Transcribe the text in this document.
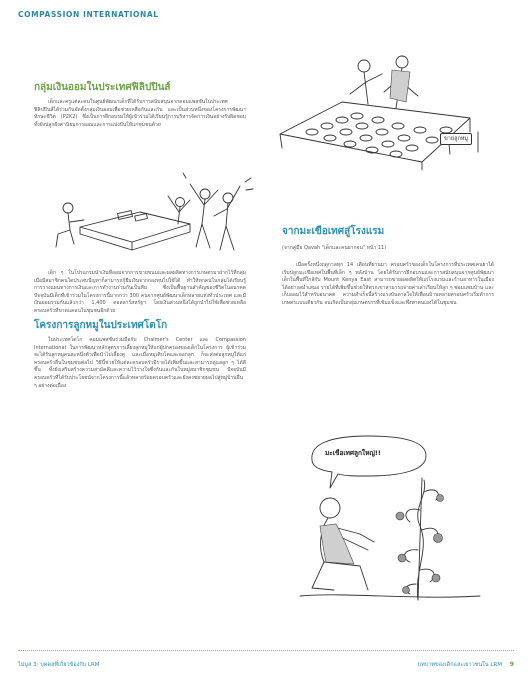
COMPASSION INTERNATIONAL
กลุ่มเงินออมในประเทศฟิลิปปินส์

เด็กและครูแต่ละคนในศูนย์พัฒนาเด็กที่ได้รับการสนับสนุนจากคอมแพสชั่นในประเทศฟิลิปปินส์ได้ร่วมกันจัดตั้งกลุ่มเงินออมเพื่อช่วยเหลือกันและกัน และเป็นส่วนหนึ่งของโครงการพัฒนาทักษะชีวิต (P2K2) ซึ่งเป็นการฝึกอบรมให้ผู้เข้าร่วมได้เรียนรู้การบริหารจัดการเงินอย่างรับผิดชอบ ทั้งยังปลูกฝังค่านิยมการออมและการแบ่งปันให้แก่ชุมชนด้วย

เด็ก ๆ ในโปรแกรมนำเงินที่ออมจากการขายขนมและผลผลิตทางการเกษตรมาฝากไว้ที่กลุ่ม เมื่อมีสมาชิกคนใดประสบปัญหาก็สามารถกู้ยืมเงินจากกองทุนไปใช้ได้ ทำให้ทุกคนในกลุ่มได้เรียนรู้การวางแผนทางการเงินและการทำงานร่วมกันเป็นทีม ซึ่งเป็นพื้นฐานสำคัญของชีวิตในอนาคต ปัจจุบันมีเด็กที่เข้าร่วมในโครงการนี้มากกว่า 300 คนจากศูนย์พัฒนาเด็กหลายแห่งทั่วประเทศ และมีเงินออมรวมกันแล้วกว่า 1,400 ดอลลาร์สหรัฐฯ โดยเงินส่วนหนึ่งได้ถูกนำไปใช้เพื่อช่วยเหลือครอบครัวที่ขาดแคลนในชุมชนอีกด้วย

โครงการลูกหมูในประเทศโตโก

ในประเทศโตโก คอมแพสชั่นร่วมมือกับ Chalmer's Center และ Compassion International ในการพัฒนาหลักสูตรการเลี้ยงลูกหมูให้แก่ผู้ปกครองของเด็กในโครงการ ผู้เข้าร่วมจะได้รับลูกหมูคนละหนึ่งตัวเพื่อนำไปเลี้ยงดู และเมื่อหมูเติบโตและออกลูก ก็จะส่งต่อลูกหมูให้แก่ครอบครัวอื่นในชุมชนต่อไป วิธีนี้ช่วยให้แต่ละครอบครัวมีรายได้เพิ่มขึ้นและสามารถดูแลลูก ๆ ได้ดีขึ้น ทั้งยังเสริมสร้างความสามัคคีและความไว้วางใจซึ่งกันและกันในหมู่สมาชิกชุมชน ปัจจุบันมีครอบครัวที่ได้รับประโยชน์จากโครงการนี้แล้วหลายร้อยครอบครัวและยังคงขยายผลไปสู่หมู่บ้านอื่น ๆ อย่างต่อเนื่อง

ขายลูกหมู
จากมะเขือเทศสู่โรงแรม
(จากคู่มือ Qavah "เด็กและคนยากจน" หน้า 11)

เมื่อครั้งหนึ่งฤดูกาลทุก 14 เดือนที่ผ่านมา ครอบครัวของเด็กในโครงการที่ประเทศเคนยาได้เริ่มปลูกมะเขือเทศในพื้นที่เล็ก ๆ หลังบ้าน โดยได้รับการฝึกอบรมและการสนับสนุนจากศูนย์พัฒนาเด็กในพื้นที่ใกล้กับ Mount Kenya East สามารถขายผลผลิตให้แก่โรงแรมและร้านอาหารในเมืองได้อย่างสม่ำเสมอ รายได้ที่เพิ่มขึ้นช่วยให้พวกเขาสามารถจ่ายค่าเล่าเรียนให้ลูก ๆ ซ่อมแซมบ้าน และเก็บออมไว้สำหรับอนาคต ความสำเร็จนี้สร้างแรงบันดาลใจให้เพื่อนบ้านหลายครอบครัวเริ่มทำการเกษตรแบบเดียวกัน จนเกิดเป็นกลุ่มเกษตรกรที่เข้มแข็งและพึ่งพาตนเองได้ในชุมชน

มะเขือเทศลูกใหญ่!!
ไม่มูล 3: บุคคลที่เกี่ยวข้องกับ LRM	บทบาทของเด็กและเยาวชนใน LRM 9
